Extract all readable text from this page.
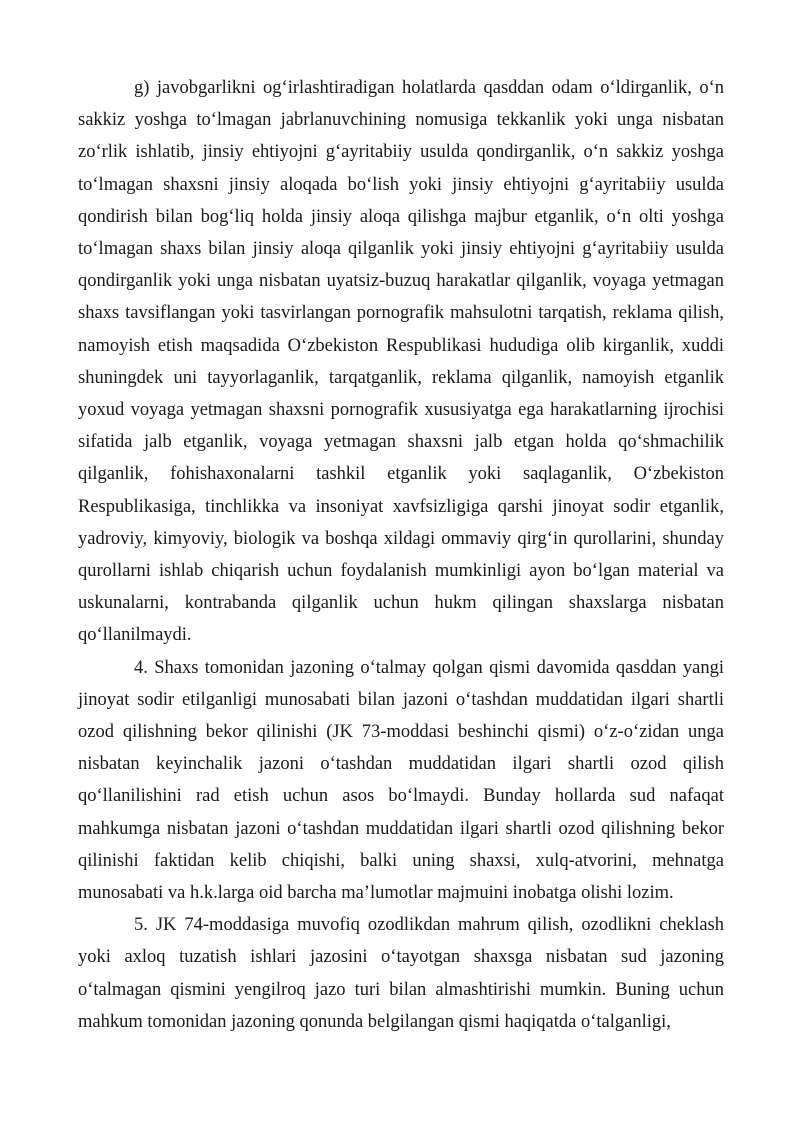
g) javobgarlikni og‘irlashtiradigan holatlarda qasddan odam o‘ldirganlik, o‘n sakkiz yoshga to‘lmagan jabrlanuvchining nomusiga tekkanlik yoki unga nisbatan zo‘rlik ishlatib, jinsiy ehtiyojni g‘ayritabiiy usulda qondirganlik, o‘n sakkiz yoshga to‘lmagan shaxsni jinsiy aloqada bo‘lish yoki jinsiy ehtiyojni g‘ayritabiiy usulda qondirish bilan bog‘liq holda jinsiy aloqa qilishga majbur etganlik, o‘n olti yoshga to‘lmagan shaxs bilan jinsiy aloqa qilganlik yoki jinsiy ehtiyojni g‘ayritabiiy usulda qondirganlik yoki unga nisbatan uyatsiz-buzuq harakatlar qilganlik, voyaga yetmagan shaxs tavsiflangan yoki tasvirlangan pornografik mahsulotni tarqatish, reklama qilish, namoyish etish maqsadida O‘zbekiston Respublikasi hududiga olib kirganlik, xuddi shuningdek uni tayyorlaganlik, tarqatganlik, reklama qilganlik, namoyish etganlik yoxud voyaga yetmagan shaxsni pornografik xususiyatga ega harakatlarning ijrochisi sifatida jalb etganlik, voyaga yetmagan shaxsni jalb etgan holda qo‘shmachilik qilganlik, fohishaxonalarni tashkil etganlik yoki saqlaganlik, O‘zbekiston Respublikasiga, tinchlikka va insoniyat xavfsizligiga qarshi jinoyat sodir etganlik, yadroviy, kimyoviy, biologik va boshqa xildagi ommaviy qirg‘in qurollarini, shunday qurollarni ishlab chiqarish uchun foydalanish mumkinligi ayon bo‘lgan material va uskunalarni, kontrabanda qilganlik uchun hukm qilingan shaxslarga nisbatan qo‘llanilmaydi.

4. Shaxs tomonidan jazoning o‘talmay qolgan qismi davomida qasddan yangi jinoyat sodir etilganligi munosabati bilan jazoni o‘tashdan muddatidan ilgari shartli ozod qilishning bekor qilinishi (JK 73-moddasi beshinchi qismi) o‘z-o‘zidan unga nisbatan keyinchalik jazoni o‘tashdan muddatidan ilgari shartli ozod qilish qo‘llanilishini rad etish uchun asos bo‘lmaydi. Bunday hollarda sud nafaqat mahkumga nisbatan jazoni o‘tashdan muddatidan ilgari shartli ozod qilishning bekor qilinishi faktidan kelib chiqishi, balki uning shaxsi, xulq-atvorini, mehnatga munosabati va h.k.larga oid barcha ma’lumotlar majmuini inobatga olishi lozim.

5. JK 74-moddasiga muvofiq ozodlikdan mahrum qilish, ozodlikni cheklash yoki axloq tuzatish ishlari jazosini o‘tayotgan shaxsga nisbatan sud jazoning o‘talmagan qismini yengilroq jazo turi bilan almashtirishi mumkin. Buning uchun mahkum tomonidan jazoning qonunda belgilangan qismi haqiqatda o‘talganligi,
